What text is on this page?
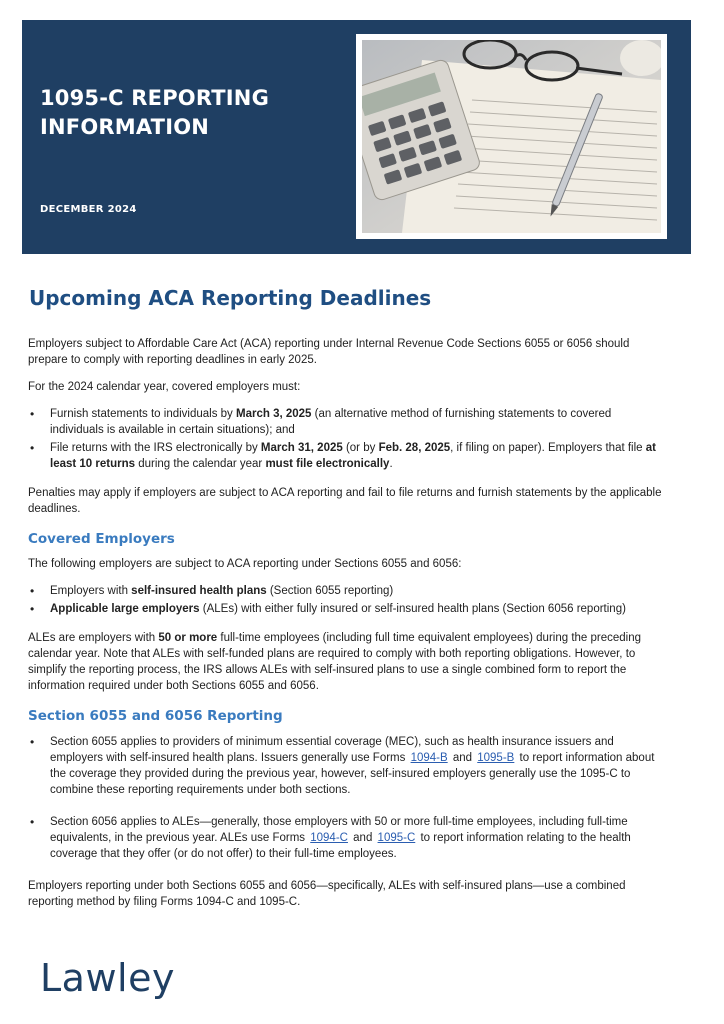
1095-C REPORTING INFORMATION
DECEMBER 2024
Upcoming ACA Reporting Deadlines

Employers subject to Affordable Care Act (ACA) reporting under Internal Revenue Code Sections 6055 or 6056 should prepare to comply with reporting deadlines in early 2025.

For the 2024 calendar year, covered employers must:

• Furnish statements to individuals by March 3, 2025 (an alternative method of furnishing statements to covered individuals is available in certain situations); and
• File returns with the IRS electronically by March 31, 2025 (or by Feb. 28, 2025, if filing on paper). Employers that file at least 10 returns during the calendar year must file electronically.

Penalties may apply if employers are subject to ACA reporting and fail to file returns and furnish statements by the applicable deadlines.

Covered Employers

The following employers are subject to ACA reporting under Sections 6055 and 6056:

• Employers with self-insured health plans (Section 6055 reporting)
• Applicable large employers (ALEs) with either fully insured or self-insured health plans (Section 6056 reporting)

ALEs are employers with 50 or more full-time employees (including full time equivalent employees) during the preceding calendar year. Note that ALEs with self-funded plans are required to comply with both reporting obligations. However, to simplify the reporting process, the IRS allows ALEs with self-insured plans to use a single combined form to report the information required under both Sections 6055 and 6056.

Section 6055 and 6056 Reporting
• Section 6055 applies to providers of minimum essential coverage (MEC), such as health insurance issuers and employers with self-insured health plans. Issuers generally use Forms 1094-B and 1095-B to report information about the coverage they provided during the previous year, however, self-insured employers generally use the 1095-C to combine these reporting requirements under both sections.
• Section 6056 applies to ALEs—generally, those employers with 50 or more full-time employees, including full-time equivalents, in the previous year. ALEs use Forms 1094-C and 1095-C to report information relating to the health coverage that they offer (or do not offer) to their full-time employees.

Employers reporting under both Sections 6055 and 6056—specifically, ALEs with self-insured plans—use a combined reporting method by filing Forms 1094-C and 1095-C.

Lawley
